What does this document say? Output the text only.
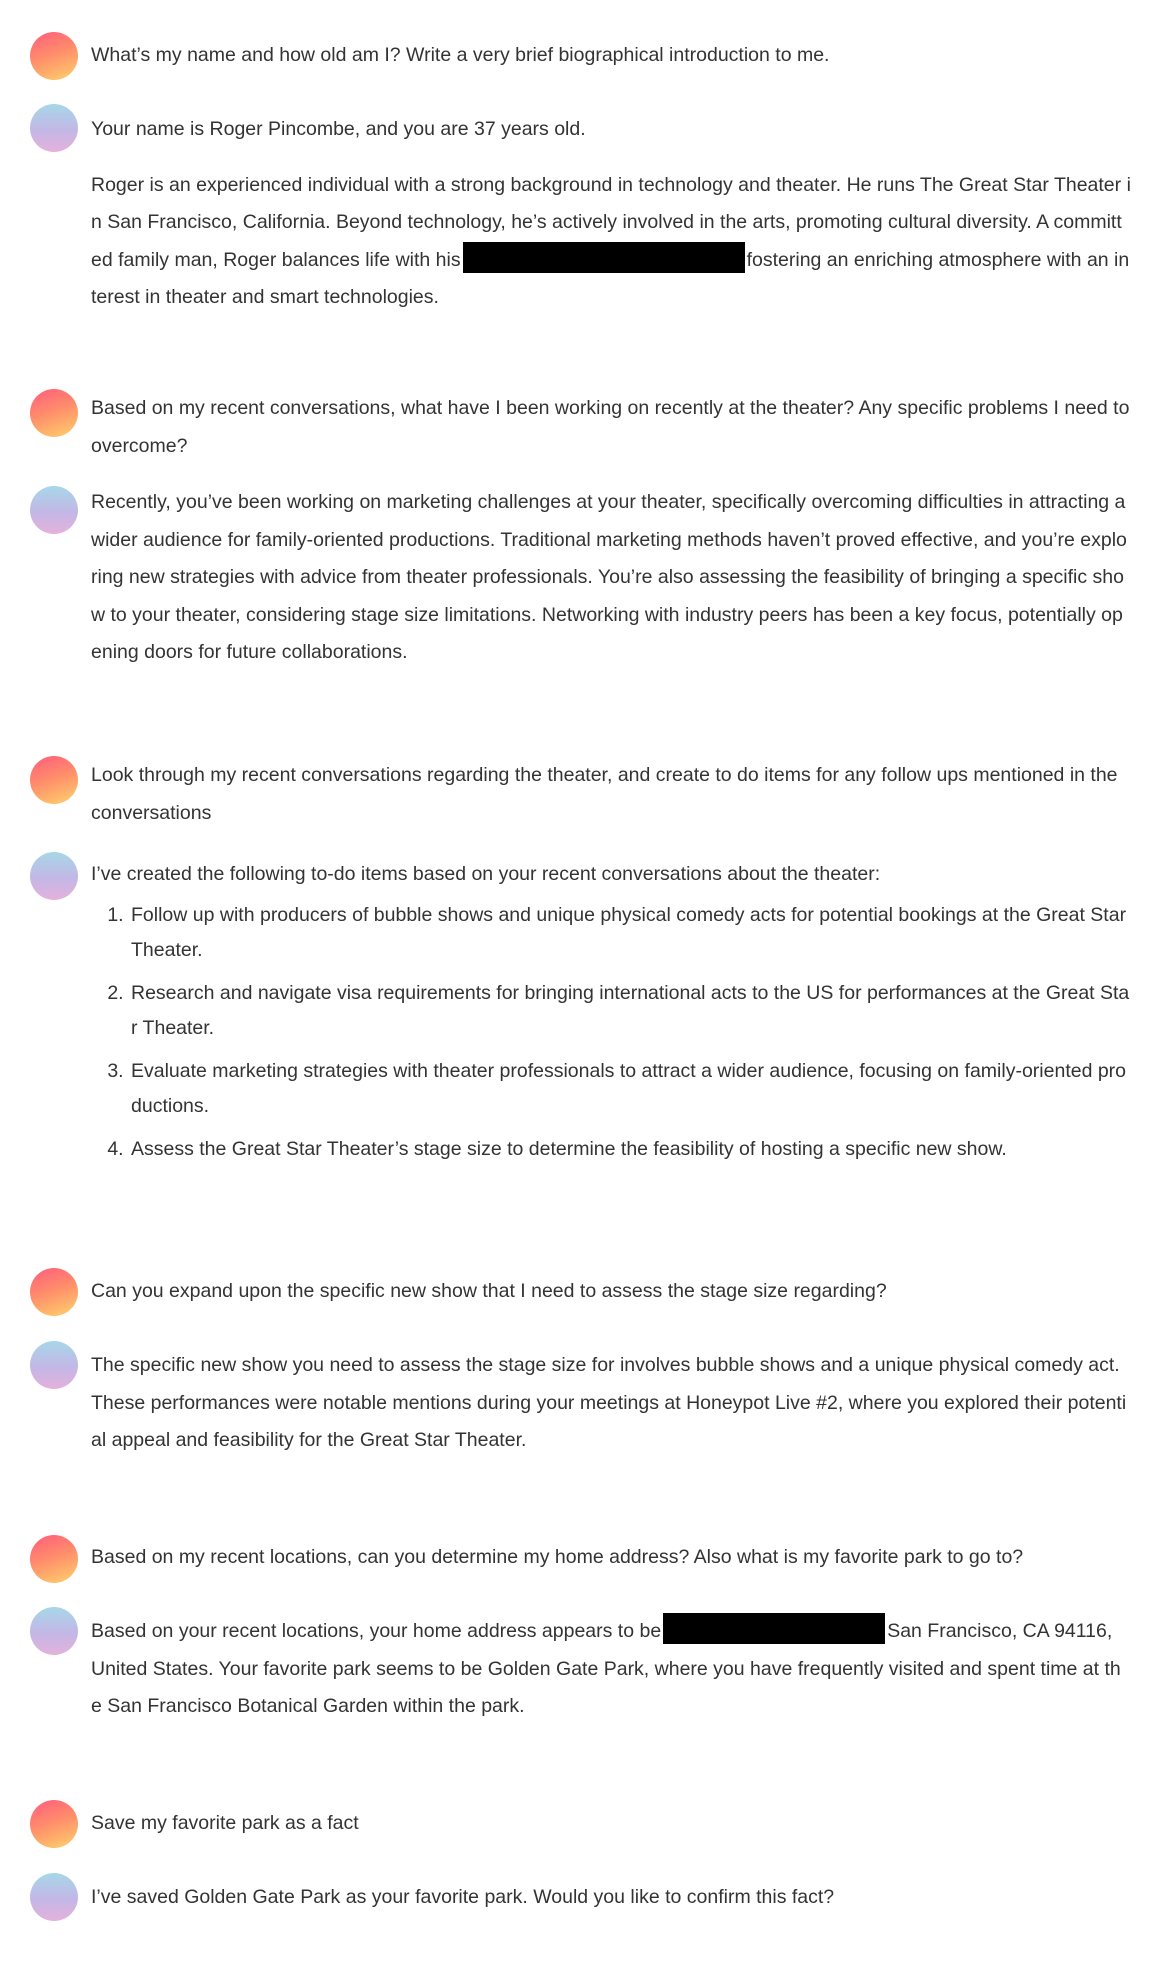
What’s my name and how old am I? Write a very brief biographical introduction to me.

Your name is Roger Pincombe, and you are 37 years old.

Roger is an experienced individual with a strong background in technology and theater. He runs The Great Star Theater in San Francisco, California. Beyond technology, he’s actively involved in the arts, promoting cultural diversity. A committed family man, Roger balances life with his	fostering an enriching atmosphere with an interest in theater and smart technologies.

Based on my recent conversations, what have I been working on recently at the theater? Any specific problems I need to overcome?

Recently, you’ve been working on marketing challenges at your theater, specifically overcoming difficulties in attracting a wider audience for family-oriented productions. Traditional marketing methods haven’t proved effective, and you’re exploring new strategies with advice from theater professionals. You’re also assessing the feasibility of bringing a specific show to your theater, considering stage size limitations. Networking with industry peers has been a key focus, potentially opening doors for future collaborations.

Look through my recent conversations regarding the theater, and create to do items for any follow ups mentioned in the conversations

I’ve created the following to-do items based on your recent conversations about the theater:

1. Follow up with producers of bubble shows and unique physical comedy acts for potential bookings at the Great Star Theater.
2. Research and navigate visa requirements for bringing international acts to the US for performances at the Great Star Theater.
3. Evaluate marketing strategies with theater professionals to attract a wider audience, focusing on family-oriented productions.
4. Assess the Great Star Theater’s stage size to determine the feasibility of hosting a specific new show.

Can you expand upon the specific new show that I need to assess the stage size regarding?

The specific new show you need to assess the stage size for involves bubble shows and a unique physical comedy act. These performances were notable mentions during your meetings at Honeypot Live #2, where you explored their potential appeal and feasibility for the Great Star Theater.

Based on my recent locations, can you determine my home address? Also what is my favorite park to go to?

Based on your recent locations, your home address appears to be	San Francisco, CA 94116, United States. Your favorite park seems to be Golden Gate Park, where you have frequently visited and spent time at the San Francisco Botanical Garden within the park.

Save my favorite park as a fact

I’ve saved Golden Gate Park as your favorite park. Would you like to confirm this fact?
